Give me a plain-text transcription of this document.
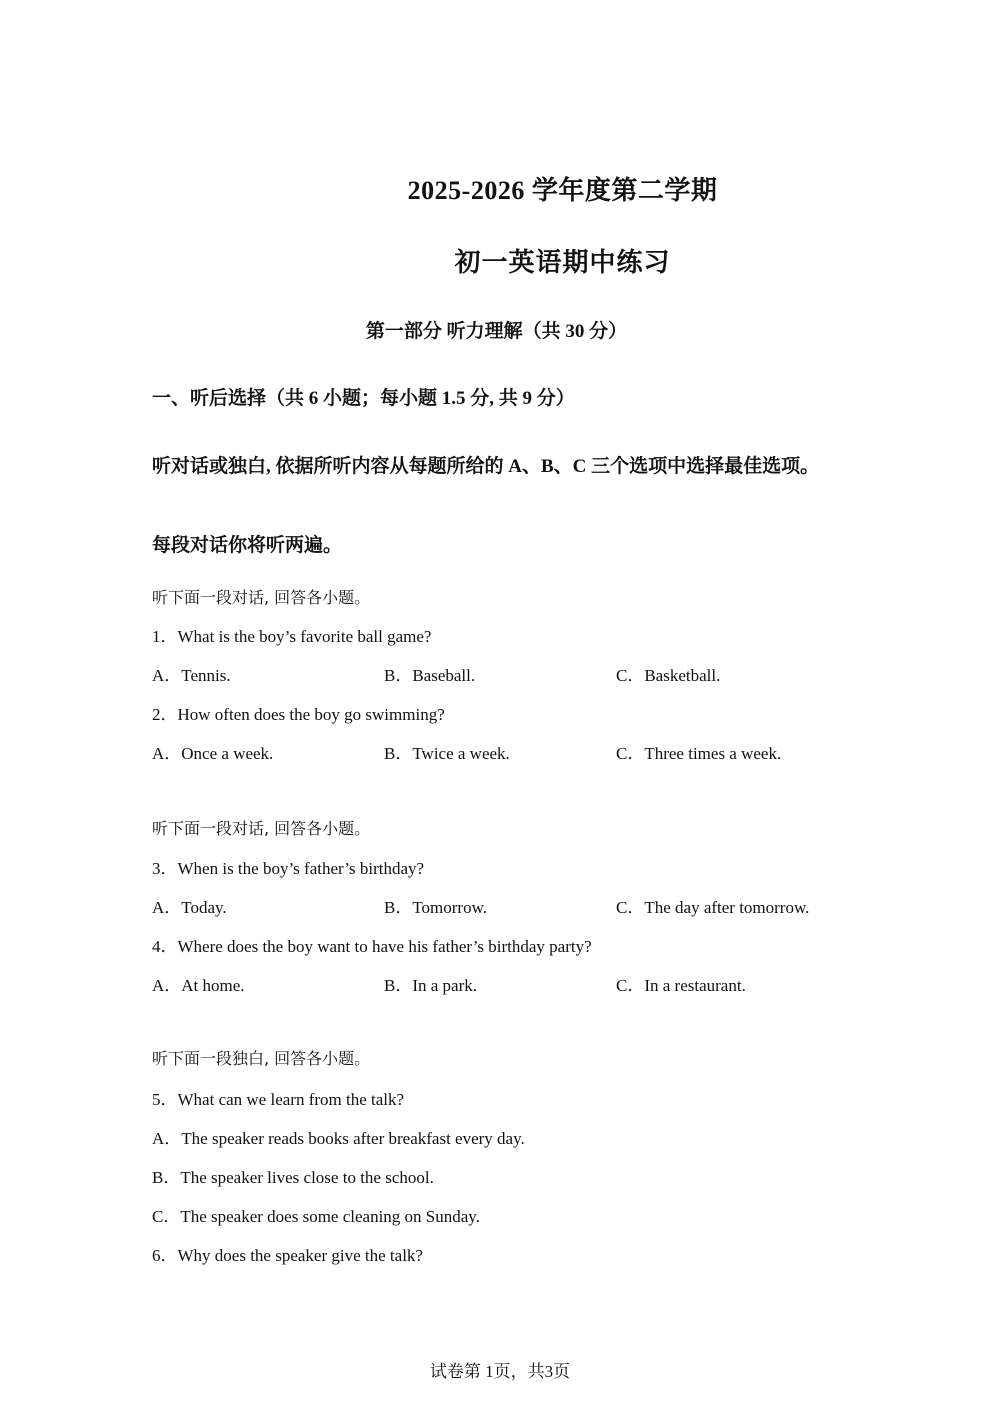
2025-2026 学年度第二学期
初一英语期中练习
第一部分 听力理解（共 30 分）
一、听后选择（共 6 小题；每小题 1.5 分, 共 9 分）
听对话或独白, 依据所听内容从每题所给的 A、B、C 三个选项中选择最佳选项。
每段对话你将听两遍。
听下面一段对话, 回答各小题。
1．What is the boy’s favorite ball game?
A．Tennis.	B．Baseball.	C．Basketball.
2．How often does the boy go swimming?
A．Once a week.	B．Twice a week.	C．Three times a week.
听下面一段对话, 回答各小题。
3．When is the boy’s father’s birthday?
A．Today.	B．Tomorrow.	C．The day after tomorrow.
4．Where does the boy want to have his father’s birthday party?
A．At home.	B．In a park.	C．In a restaurant.
听下面一段独白, 回答各小题。
5．What can we learn from the talk?
A．The speaker reads books after breakfast every day.
B．The speaker lives close to the school.
C．The speaker does some cleaning on Sunday.
6．Why does the speaker give the talk?
试卷第 1页，共3页
